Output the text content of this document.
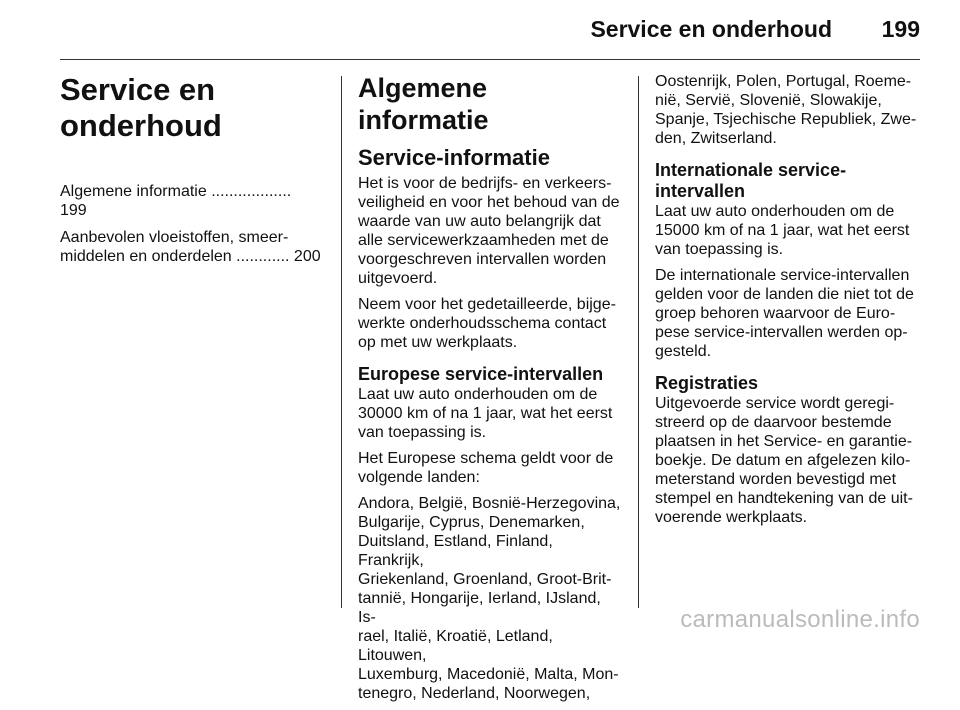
Service en onderhoud 199
Service en onderhoud
Algemene informatie .................. 199
Aanbevolen vloeistoffen, smeer-
middelen en onderdelen ............ 200
Algemene informatie
Service-informatie

Het is voor de bedrijfs- en verkeers-
veiligheid en voor het behoud van de
waarde van uw auto belangrijk dat
alle servicewerkzaamheden met de
voorgeschreven intervallen worden
uitgevoerd.

Neem voor het gedetailleerde, bijge-
werkte onderhoudsschema contact
op met uw werkplaats.

Europese service-intervallen

Laat uw auto onderhouden om de
30000 km of na 1 jaar, wat het eerst
van toepassing is.

Het Europese schema geldt voor de
volgende landen:

Andora, België, Bosnië-Herzegovina,
Bulgarije, Cyprus, Denemarken,
Duitsland, Estland, Finland, Frankrijk,
Griekenland, Groenland, Groot-Brit-
tannië, Hongarije, Ierland, IJsland, Is-
rael, Italië, Kroatië, Letland, Litouwen,
Luxemburg, Macedonië, Malta, Mon-
tenegro, Nederland, Noorwegen,

Oostenrijk, Polen, Portugal, Roeme-
nië, Servië, Slovenië, Slowakije,
Spanje, Tsjechische Republiek, Zwe-
den, Zwitserland.

Internationale service-
intervallen

Laat uw auto onderhouden om de
15000 km of na 1 jaar, wat het eerst
van toepassing is.

De internationale service-intervallen
gelden voor de landen die niet tot de
groep behoren waarvoor de Euro-
pese service-intervallen werden op-
gesteld.

Registraties

Uitgevoerde service wordt geregi-
streerd op de daarvoor bestemde
plaatsen in het Service- en garantie-
boekje. De datum en afgelezen kilo-
meterstand worden bevestigd met
stempel en handtekening van de uit-
voerende werkplaats.

carmanualsonline.info
